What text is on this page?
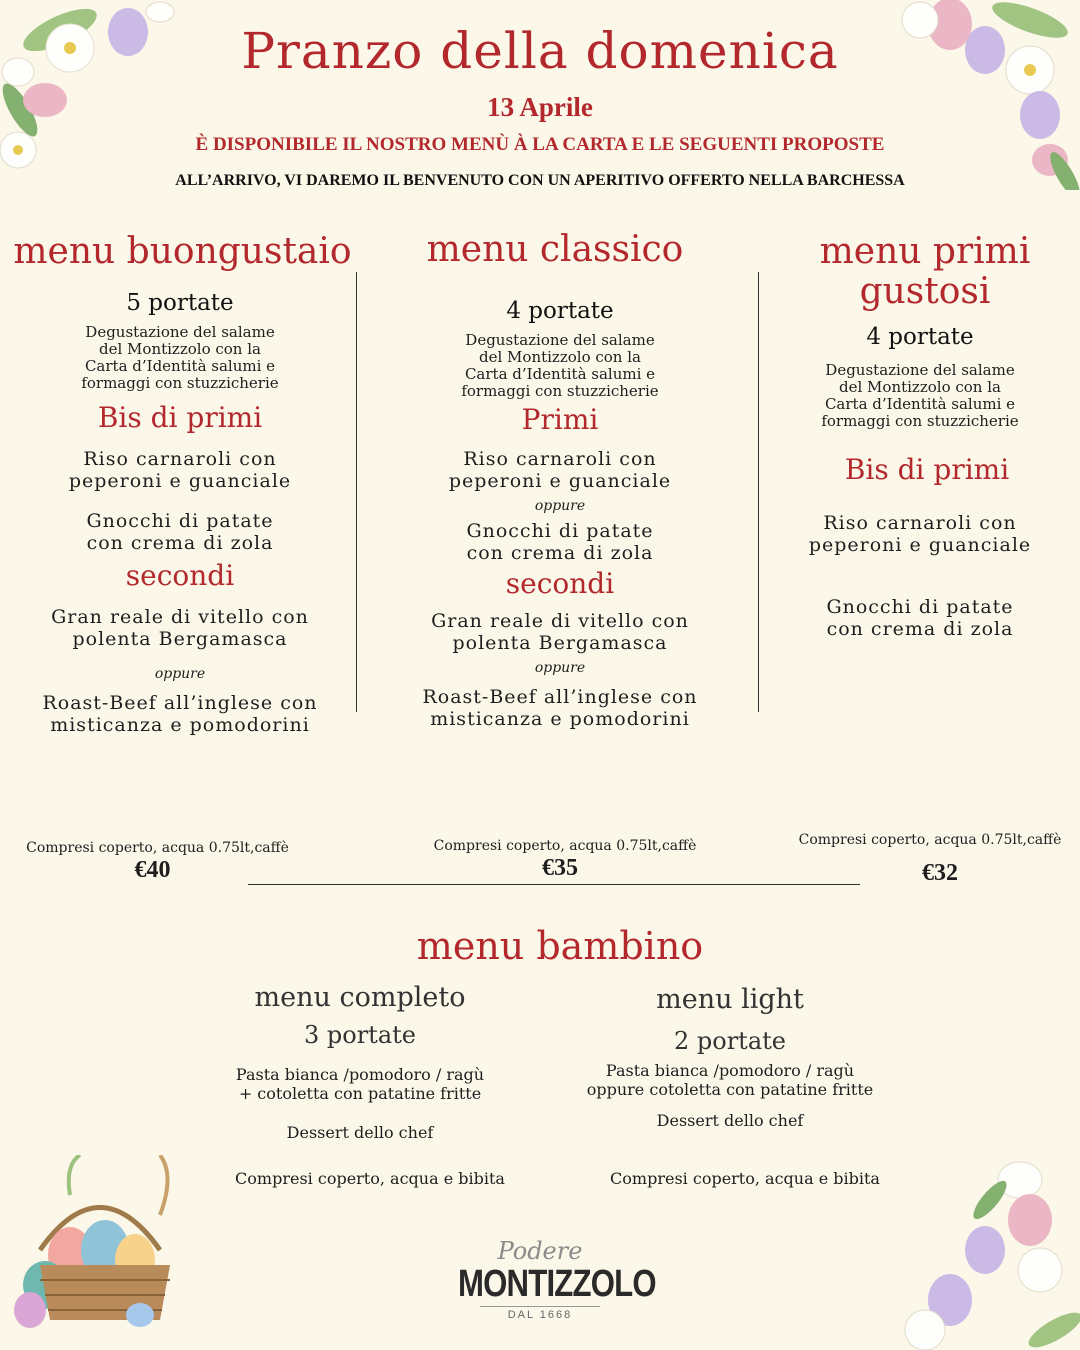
Pranzo della domenica
13 Aprile
È DISPONIBILE IL NOSTRO MENÙ À LA CARTA E LE SEGUENTI PROPOSTE
ALL’ARRIVO, VI DAREMO IL BENVENUTO CON UN APERITIVO OFFERTO NELLA BARCHESSA
menu buongustaio
5 portate
Degustazione del salame
del Montizzolo con la
Carta d’Identità salumi e
formaggi con stuzzicherie
Bis di primi
Riso carnaroli con
peperoni e guanciale
Gnocchi di patate
con crema di zola
secondi
Gran reale di vitello con
polenta Bergamasca
oppure
Roast-Beef all’inglese con
misticanza e pomodorini
menu classico
4 portate
Degustazione del salame
del Montizzolo con la
Carta d’Identità salumi e
formaggi con stuzzicherie
Primi
Riso carnaroli con
peperoni e guanciale
oppure
Gnocchi di patate
con crema di zola
secondi
Gran reale di vitello con
polenta Bergamasca
oppure
Roast-Beef all’inglese con
misticanza e pomodorini
menu primi
gustosi
4 portate
Degustazione del salame
del Montizzolo con la
Carta d’Identità salumi e
formaggi con stuzzicherie
Bis di primi
Riso carnaroli con
peperoni e guanciale
Gnocchi di patate
con crema di zola
Compresi coperto, acqua 0.75lt,caffè
€40
Compresi coperto, acqua 0.75lt,caffè
€35
Compresi coperto, acqua 0.75lt,caffè
€32
menu bambino
menu completo
3 portate
Pasta bianca /pomodoro / ragù
+ cotoletta con patatine fritte
Dessert dello chef
Compresi coperto, acqua e bibita
menu light
2 portate
Pasta bianca /pomodoro / ragù
oppure cotoletta con patatine fritte
Dessert dello chef
Compresi coperto, acqua e bibita
Podere
MONTIZZOLO
DAL 1668
